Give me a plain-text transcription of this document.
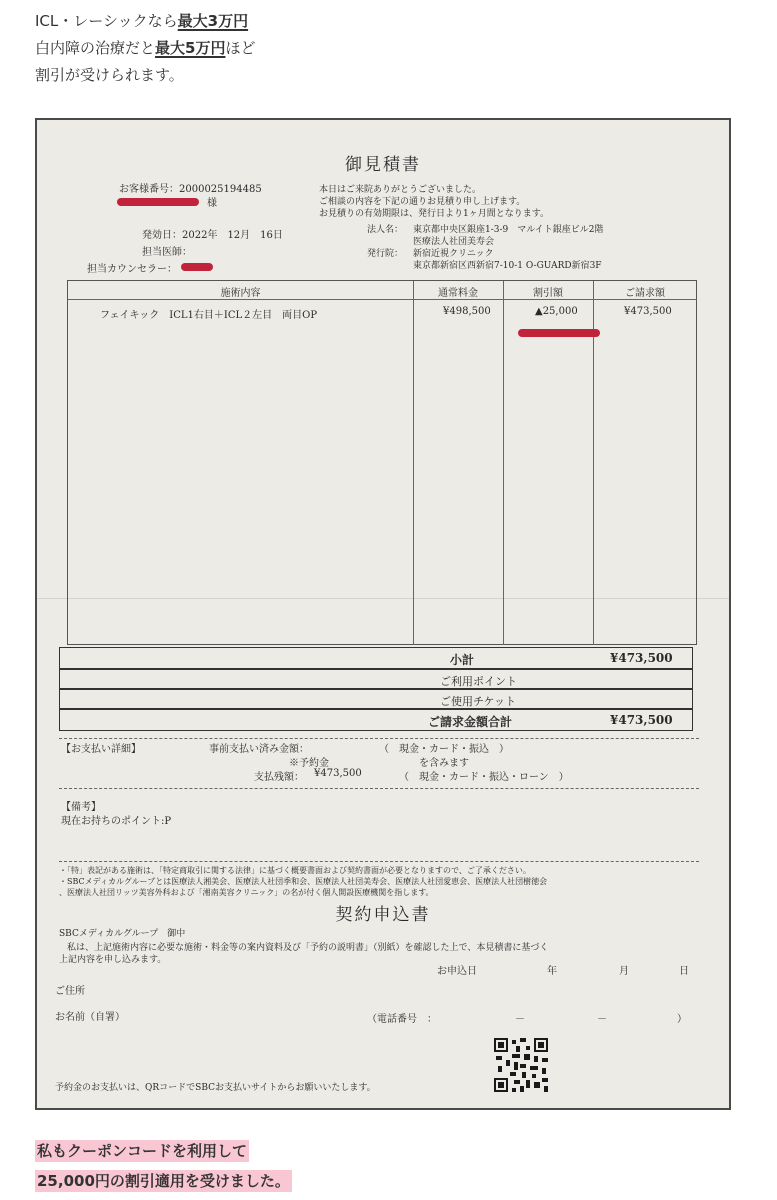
ICL・レーシックなら最大3万円
白内障の治療だと最大5万円ほど
割引が受けられます。
御見積書
お客様番号：2000025194485
様
発効日：2022年　12月　16日
担当医師：
担当カウンセラー：
本日はご来院ありがとうございました。
ご相談の内容を下記の通りお見積り申し上げます。
お見積りの有効期限は、発行日より1ヶ月間となります。
法人名： 東京都中央区銀座1-3-9　マルイト銀座ビル2階
医療法人社団美寿会
発行院： 新宿近視クリニック
東京都新宿区西新宿7-10-1 O-GUARD新宿3F
施術内容	通常料金	割引額	ご請求額
フェイキック　ICL1右目＋ICL２左目　両目OP	¥498,500	▲25,000	¥473,500
小計	¥473,500
ご利用ポイント
ご使用チケット
ご請求金額合計	¥473,500
【お支払い詳細】	事前支払い済み金額：	（　現金・カード・振込　）
※予約金	を含みます
支払残額： ¥473,500	（　現金・カード・振込・ローン　）
【備考】
現在お持ちのポイント:P
・「特」表記がある施術は、「特定商取引に関する法律」に基づく概要書面および契約書面が必要となりますので、ご了承ください。
・SBCメディカルグループとは医療法人湘美会、医療法人社団季和会、医療法人社団美寿会、医療法人社団愛恵会、医療法人社団樹徳会
、医療法人社団リッツ美容外科および「湘南美容クリニック」の名が付く個人開設医療機関を指します。
契約申込書
SBCメディカルグループ　御中
私は、上記施術内容に必要な施術・料金等の案内資料及び「予約の説明書」（別紙）を確認した上で、本見積書に基づく
上記内容を申し込みます。
お申込日	年	月	日
ご住所
お名前（自署）	（電話番号　：	－	－	）
予約金のお支払いは、QRコードでSBCお支払いサイトからお願いいたします。
私もクーポンコードを利用して
25,000円の割引適用を受けました。
